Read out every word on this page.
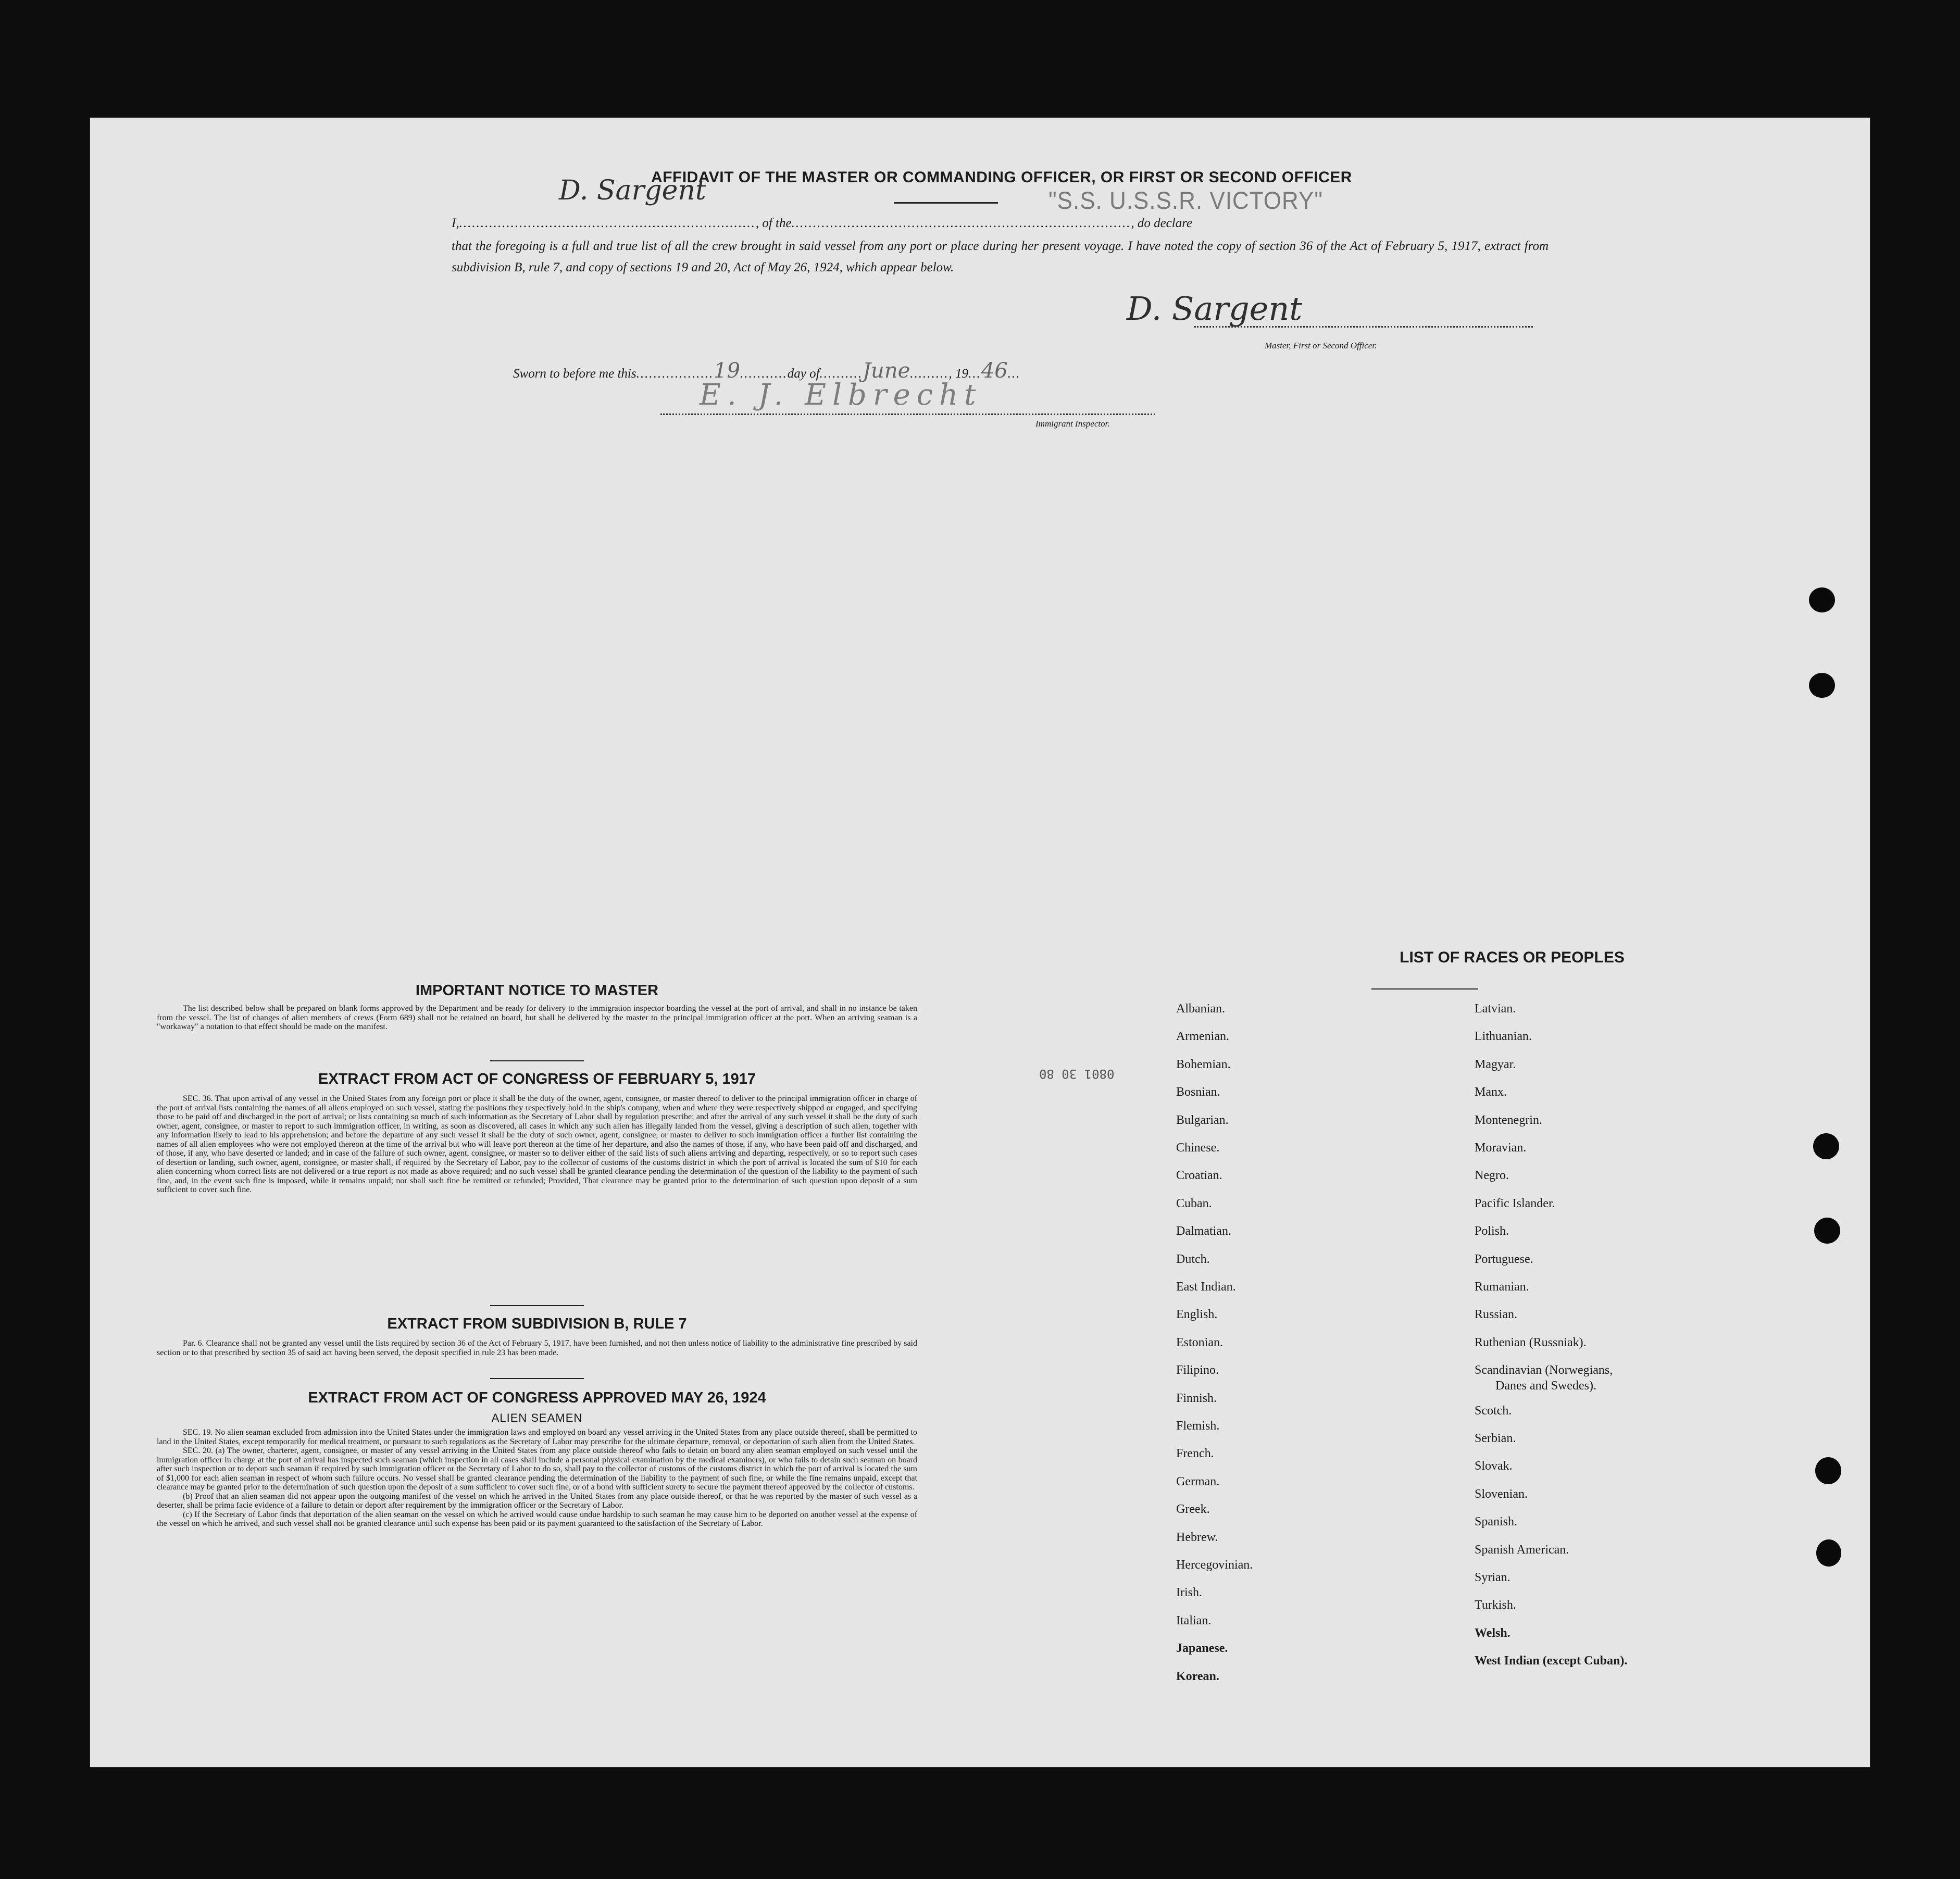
AFFIDAVIT OF THE MASTER OR COMMANDING OFFICER, OR FIRST OR SECOND OFFICER
D. Sargent	"S.S. U.S.S.R. VICTORY"
I,....................................................................., of the..............................................................................., do declare
that the foregoing is a full and true list of all the crew brought in said vessel from any port or place during her present voyage. I have noted the copy of section 36 of the Act of February 5, 1917, extract from subdivision B, rule 7, and copy of sections 19 and 20, Act of May 26, 1924, which appear below.
D. Sargent
Master, First or Second Officer.
Sworn to before me this..................19...........day of..........June........., 19...46...
E. J. Elbrecht
Immigrant Inspector.
IMPORTANT NOTICE TO MASTER

The list described below shall be prepared on blank forms approved by the Department and be ready for delivery to the immigration inspector boarding the vessel at the port of arrival, and shall in no instance be taken from the vessel. The list of changes of alien members of crews (Form 689) shall not be retained on board, but shall be delivered by the master to the principal immigration officer at the port. When an arriving seaman is a "workaway" a notation to that effect should be made on the manifest.

EXTRACT FROM ACT OF CONGRESS OF FEBRUARY 5, 1917

SEC. 36. That upon arrival of any vessel in the United States from any foreign port or place it shall be the duty of the owner, agent, consignee, or master thereof to deliver to the principal immigration officer in charge of the port of arrival lists containing the names of all aliens employed on such vessel, stating the positions they respectively hold in the ship's company, when and where they were respectively shipped or engaged, and specifying those to be paid off and discharged in the port of arrival; or lists containing so much of such information as the Secretary of Labor shall by regulation prescribe; and after the arrival of any such vessel it shall be the duty of such owner, agent, consignee, or master to report to such immigration officer, in writing, as soon as discovered, all cases in which any such alien has illegally landed from the vessel, giving a description of such alien, together with any information likely to lead to his apprehension; and before the departure of any such vessel it shall be the duty of such owner, agent, consignee, or master to deliver to such immigration officer a further list containing the names of all alien employees who were not employed thereon at the time of the arrival but who will leave port thereon at the time of her departure, and also the names of those, if any, who have been paid off and discharged, and of those, if any, who have deserted or landed; and in case of the failure of such owner, agent, consignee, or master so to deliver either of the said lists of such aliens arriving and departing, respectively, or so to report such cases of desertion or landing, such owner, agent, consignee, or master shall, if required by the Secretary of Labor, pay to the collector of customs of the customs district in which the port of arrival is located the sum of $10 for each alien concerning whom correct lists are not delivered or a true report is not made as above required; and no such vessel shall be granted clearance pending the determination of the question of the liability to the payment of such fine, and, in the event such fine is imposed, while it remains unpaid; nor shall such fine be remitted or refunded; Provided, That clearance may be granted prior to the determination of such question upon deposit of a sum sufficient to cover such fine.

EXTRACT FROM SUBDIVISION B, RULE 7

Par. 6. Clearance shall not be granted any vessel until the lists required by section 36 of the Act of February 5, 1917, have been furnished, and not then unless notice of liability to the administrative fine prescribed by said section or to that prescribed by section 35 of said act having been served, the deposit specified in rule 23 has been made.

EXTRACT FROM ACT OF CONGRESS APPROVED MAY 26, 1924
ALIEN SEAMEN

SEC. 19. No alien seaman excluded from admission into the United States under the immigration laws and employed on board any vessel arriving in the United States from any place outside thereof, shall be permitted to land in the United States, except temporarily for medical treatment, or pursuant to such regulations as the Secretary of Labor may prescribe for the ultimate departure, removal, or deportation of such alien from the United States.

SEC. 20. (a) The owner, charterer, agent, consignee, or master of any vessel arriving in the United States from any place outside thereof who fails to detain on board any alien seaman employed on such vessel until the immigration officer in charge at the port of arrival has inspected such seaman (which inspection in all cases shall include a personal physical examination by the medical examiners), or who fails to detain such seaman on board after such inspection or to deport such seaman if required by such immigration officer or the Secretary of Labor to do so, shall pay to the collector of customs of the customs district in which the port of arrival is located the sum of $1,000 for each alien seaman in respect of whom such failure occurs. No vessel shall be granted clearance pending the determination of the liability to the payment of such fine, or while the fine remains unpaid, except that clearance may be granted prior to the determination of such question upon the deposit of a sum sufficient to cover such fine, or of a bond with sufficient surety to secure the payment thereof approved by the collector of customs.

(b) Proof that an alien seaman did not appear upon the outgoing manifest of the vessel on which he arrived in the United States from any place outside thereof, or that he was reported by the master of such vessel as a deserter, shall be prima facie evidence of a failure to detain or deport after requirement by the immigration officer or the Secretary of Labor.

(c) If the Secretary of Labor finds that deportation of the alien seaman on the vessel on which he arrived would cause undue hardship to such seaman he may cause him to be deported on another vessel at the expense of the vessel on which he arrived, and such vessel shall not be granted clearance until such expense has been paid or its payment guaranteed to the satisfaction of the Secretary of Labor.

0801 30 80
LIST OF RACES OR PEOPLES
Albanian.
Armenian.
Bohemian.
Bosnian.
Bulgarian.
Chinese.
Croatian.
Cuban.
Dalmatian.
Dutch.
East Indian.
English.
Estonian.
Filipino.
Finnish.
Flemish.
French.
German.
Greek.
Hebrew.
Hercegovinian.
Irish.
Italian.
Japanese.
Korean.
Latvian.
Lithuanian.
Magyar.
Manx.
Montenegrin.
Moravian.
Negro.
Pacific Islander.
Polish.
Portuguese.
Rumanian.
Russian.
Ruthenian (Russniak).
Scandinavian (Norwegians,
Danes and Swedes).
Scotch.
Serbian.
Slovak.
Slovenian.
Spanish.
Spanish American.
Syrian.
Turkish.
Welsh.
West Indian (except Cuban).
